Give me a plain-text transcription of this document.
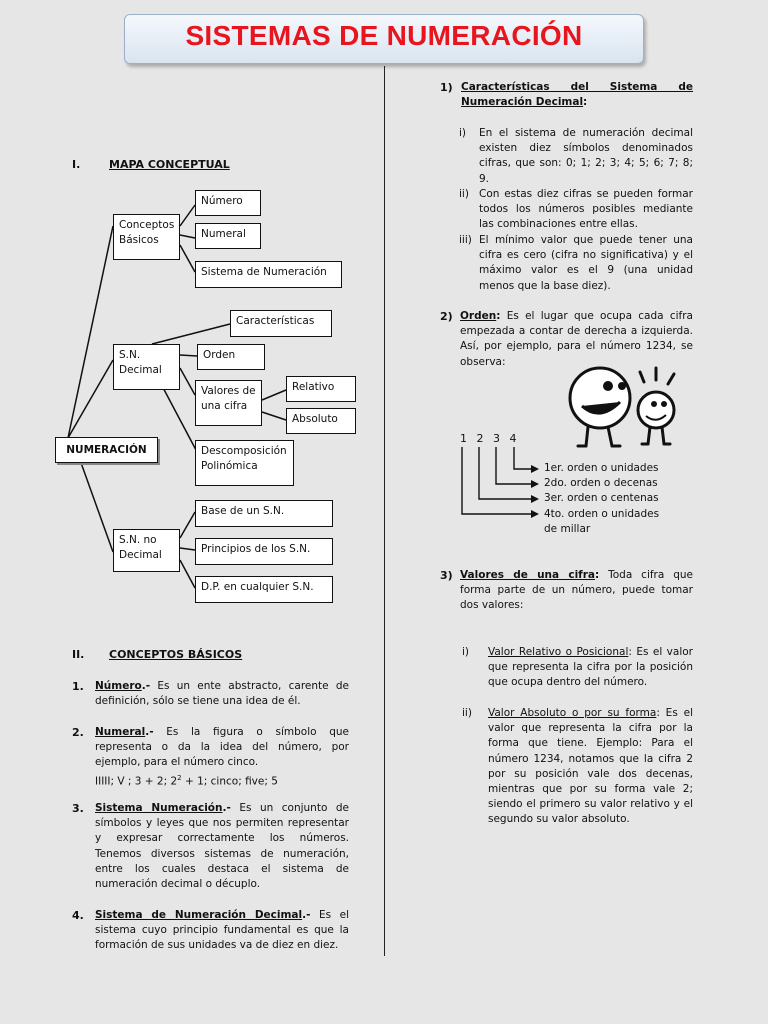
SISTEMAS DE NUMERACIÓN
I.	MAPA CONCEPTUAL
NUMERACIÓN
Conceptos Básicos
Número
Numeral
Sistema de Numeración
S.N. Decimal
Características
Orden
Valores de una cifra
Relativo
Absoluto
Descomposición Polinómica
S.N. no Decimal
Base de un S.N.
Principios de los S.N.
D.P. en cualquier S.N.
II. CONCEPTOS BÁSICOS
1. Número.- Es un ente abstracto, carente de definición, sólo se tiene una idea de él.
2. Numeral.- Es la figura o símbolo que representa o da la idea del número, por ejemplo, para el número cinco.
IIIII; V ; 3 + 2; $2^2 + 1$; cinco; five; 5
3. Sistema Numeración.- Es un conjunto de símbolos y leyes que nos permiten representar y expresar correctamente los números. Tenemos diversos sistemas de numeración, entre los cuales destaca el sistema de numeración decimal o décuplo.
4. Sistema de Numeración Decimal.- Es el sistema cuyo principio fundamental es que la formación de sus unidades va de diez en diez.
1) Características del Sistema de Numeración Decimal:
i) En el sistema de numeración decimal existen diez símbolos denominados cifras, que son: 0; 1; 2; 3; 4; 5; 6; 7; 8; 9.
ii) Con estas diez cifras se pueden formar todos los números posibles mediante las combinaciones entre ellas.
iii) El mínimo valor que puede tener una cifra es cero (cifra no significativa) y el máximo valor es el 9 (una unidad menos que la base diez).
2) Orden: Es el lugar que ocupa cada cifra empezada a contar de derecha a izquierda. Así, por ejemplo, para el número 1234, se observa:
1 2 3 4
1er. orden o unidades
2do. orden o decenas
3er. orden o centenas
4to. orden o unidades de millar
3) Valores de una cifra: Toda cifra que forma parte de un número, puede tomar dos valores:
i) Valor Relativo o Posicional: Es el valor que representa la cifra por la posición que ocupa dentro del número.
ii) Valor Absoluto o por su forma: Es el valor que representa la cifra por la forma que tiene. Ejemplo: Para el número 1234, notamos que la cifra 2 por su posición vale dos decenas, mientras que por su forma vale 2; siendo el primero su valor relativo y el segundo su valor absoluto.
